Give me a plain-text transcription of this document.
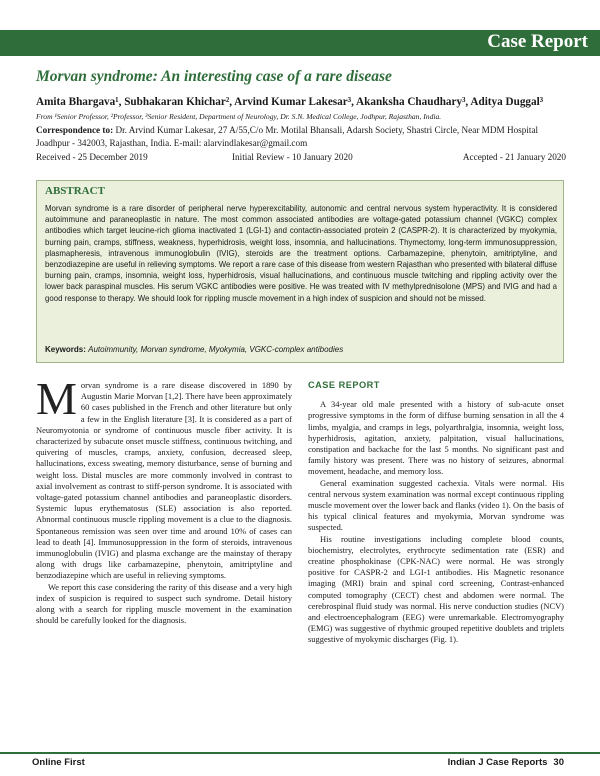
Case Report
Morvan syndrome: An interesting case of a rare disease
Amita Bhargava¹, Subhakaran Khichar², Arvind Kumar Lakesar³, Akanksha Chaudhary³, Aditya Duggal³
From ¹Senior Professor, ²Professor, ³Senior Resident, Department of Neurology, Dr. S.N. Medical College, Jodhpur, Rajasthan, India.
Correspondence to: Dr. Arvind Kumar Lakesar, 27 A/55,C/o Mr. Motilal Bhansali, Adarsh Society, Shastri Circle, Near MDM Hospital Joadhpur - 342003, Rajasthan, India. E-mail: alarvindlakesar@gmail.com
Received - 25 December 2019	Initial Review - 10 January 2020	Accepted - 21 January 2020
ABSTRACT
Morvan syndrome is a rare disorder of peripheral nerve hyperexcitability, autonomic and central nervous system hyperactivity. It is considered autoimmune and paraneoplastic in nature. The most common associated antibodies are voltage-gated potassium channel (VGKC) complex antibodies which target leucine-rich glioma inactivated 1 (LGI-1) and contactin-associated protein 2 (CASPR-2). It is characterized by myokymia, burning pain, cramps, stiffness, weakness, hyperhidrosis, weight loss, insomnia, and hallucinations. Thymectomy, long-term immunosuppression, plasmapheresis, intravenous immunoglobulin (IVIG), steroids are the treatment options. Carbamazepine, phenytoin, amitriptyline, and benzodiazepine are useful in relieving symptoms. We report a rare case of this disease from western Rajasthan who presented with bilateral diffuse burning pain, cramps, insomnia, weight loss, hyperhidrosis, visual hallucinations, and continuous muscle twitching and rippling activity over the lower back paraspinal muscles. His serum VGKC antibodies were positive. He was treated with IV methylprednisolone (MPS) and IVIG and had a good response to therapy. We should look for rippling muscle movement in a high index of suspicion and should not be missed.
Keywords: Autoimmunity, Morvan syndrome, Myokymia, VGKC-complex antibodies

M orvan syndrome is a rare disease discovered in 1890 by Augustin Marie Morvan [1,2]. There have been approximately 60 cases published in the French and other literature but only a few in the English literature [3]. It is considered as a part of Neuromyotonia or syndrome of continuous muscle fiber activity. It is characterized by subacute onset muscle stiffness, continuous twitching, and quivering of muscles, cramps, anxiety, confusion, decreased sleep, hallucinations, excess sweating, memory disturbance, sense of burning and weight loss. Distal muscles are more commonly involved in contrast to axial involvement as contrast to stiff-person syndrome. It is associated with voltage-gated potassium channel antibodies and paraneoplastic disorders. Systemic lupus erythematosus (SLE) association is also reported. Abnormal continuous muscle rippling movement is a clue to the diagnosis. Spontaneous remission was seen over time and around 10% of cases can lead to death [4]. Immunosuppression in the form of steroids, intravenous immunoglobulin (IVIG) and plasma exchange are the mainstay of therapy along with drugs like carbamazepine, phenytoin, amitriptyline and benzodiazepine which are useful in relieving symptoms.

We report this case considering the rarity of this disease and a very high index of suspicion is required to suspect such syndrome. Detail history along with a search for rippling muscle movement in the examination should be carefully looked for the diagnosis.

CASE REPORT

A 34-year old male presented with a history of sub-acute onset progressive symptoms in the form of diffuse burning sensation in all the 4 limbs, myalgia, and cramps in legs, polyarthralgia, insomnia, weight loss, hyperhidrosis, agitation, anxiety, palpitation, visual hallucinations, constipation and backache for the last 5 months. No significant past and family history was present. There was no history of seizures, abnormal movement, headache, and memory loss.

General examination suggested cachexia. Vitals were normal. His central nervous system examination was normal except continuous rippling muscle movement over the lower back and flanks (video 1). On the basis of his typical clinical features and myokymia, Morvan syndrome was suspected.

His routine investigations including complete blood counts, biochemistry, electrolytes, erythrocyte sedimentation rate (ESR) and creatine phosphokinase (CPK-NAC) were normal. He was strongly positive for CASPR-2 and LGI-1 antibodies. His Magnetic resonance imaging (MRI) brain and spinal cord screening, Contrast-enhanced computed tomography (CECT) chest and abdomen were normal. The cerebrospinal fluid study was normal. His nerve conduction studies (NCV) and electroencephalogram (EEG) were unremarkable. Electromyography (EMG) was suggestive of rhythmic grouped repetitive doublets and triplets suggestive of myokymic discharges (Fig. 1).

Online First	Indian J Case Reports 30
